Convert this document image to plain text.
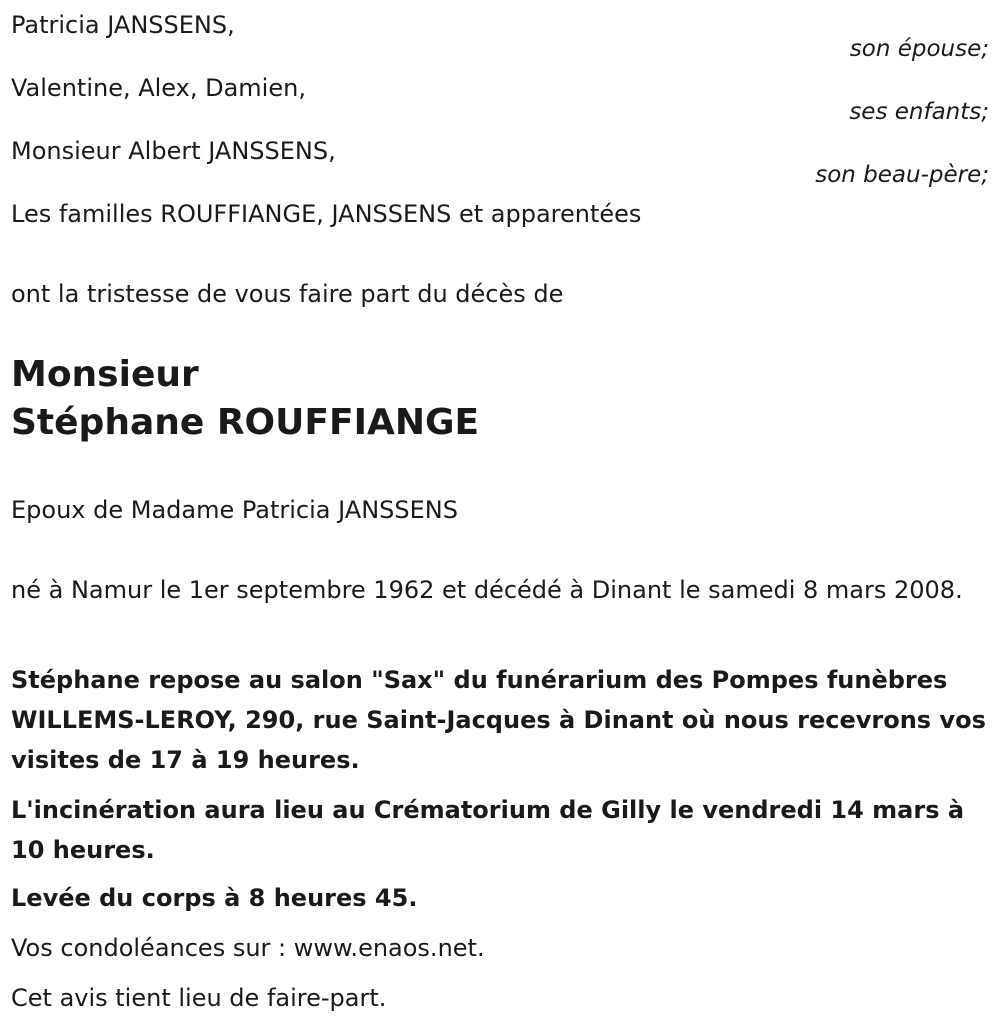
Patricia JANSSENS,
son épouse;
Valentine, Alex, Damien,
ses enfants;
Monsieur Albert JANSSENS,
son beau-père;
Les familles ROUFFIANGE, JANSSENS et apparentées
ont la tristesse de vous faire part du décès de
Monsieur
Stéphane ROUFFIANGE
Epoux de Madame Patricia JANSSENS
né à Namur le 1er septembre 1962 et décédé à Dinant le samedi 8 mars 2008.
Stéphane repose au salon "Sax" du funérarium des Pompes funèbres WILLEMS-LEROY, 290, rue Saint-Jacques à Dinant où nous recevrons vos visites de 17 à 19 heures.
L'incinération aura lieu au Crématorium de Gilly le vendredi 14 mars à 10 heures.
Levée du corps à 8 heures 45.
Vos condoléances sur : www.enaos.net.
Cet avis tient lieu de faire-part.
